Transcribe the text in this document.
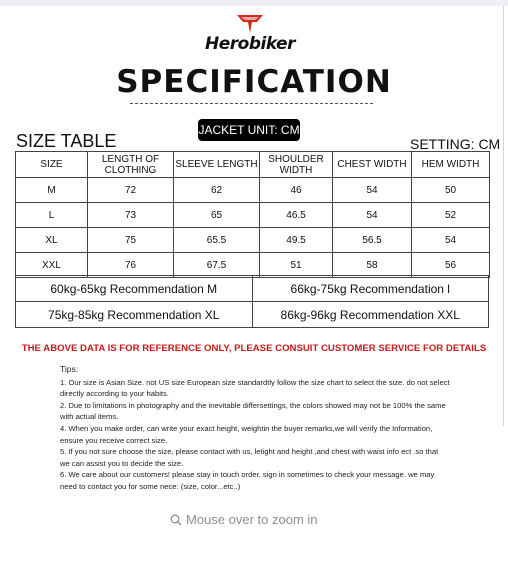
Herobiker
SPECIFICATION
SIZE TABLE
JACKET UNIT: CM
SETTING: CM
SIZE	LENGTH OF CLOTHING	SLEEVE LENGTH	SHOULDER WIDTH	CHEST WIDTH	HEM WIDTH
M	72	62	46	54	50
L	73	65	46.5	54	52
XL	75	65.5	49.5	56.5	54
XXL	76	67.5	51	58	56
60kg-65kg Recommendation M	66kg-75kg Recommendation l
75kg-85kg Recommendation XL	86kg-96kg Recommendation XXL
THE ABOVE DATA IS FOR REFERENCE ONLY, PLEASE CONSUIT CUSTOMER SERVICE FOR DETAILS
Tips:
1. Our size is Asian Size. not US size European size standardtly follow the size chart to select the size. do not select directly according to your habits.
2. Due to limitations in photography and the inevitable differsettings, the colors showed may not be 100% the same with actual items.
4. When you make order, can write your exact height, weightin the buyer remarks,we will verify the Information, ensure you receive correct size.
5. If you not sure choose the size, please contact with us, letight and height ,and chest with waist info ect .so that we can assist you to decide the size.
6. We care about our customers! please stay in touch order. sign in sometimes to check your message. we may need to contact you for some nece: (size, color...etc..)
Mouse over to zoom in
